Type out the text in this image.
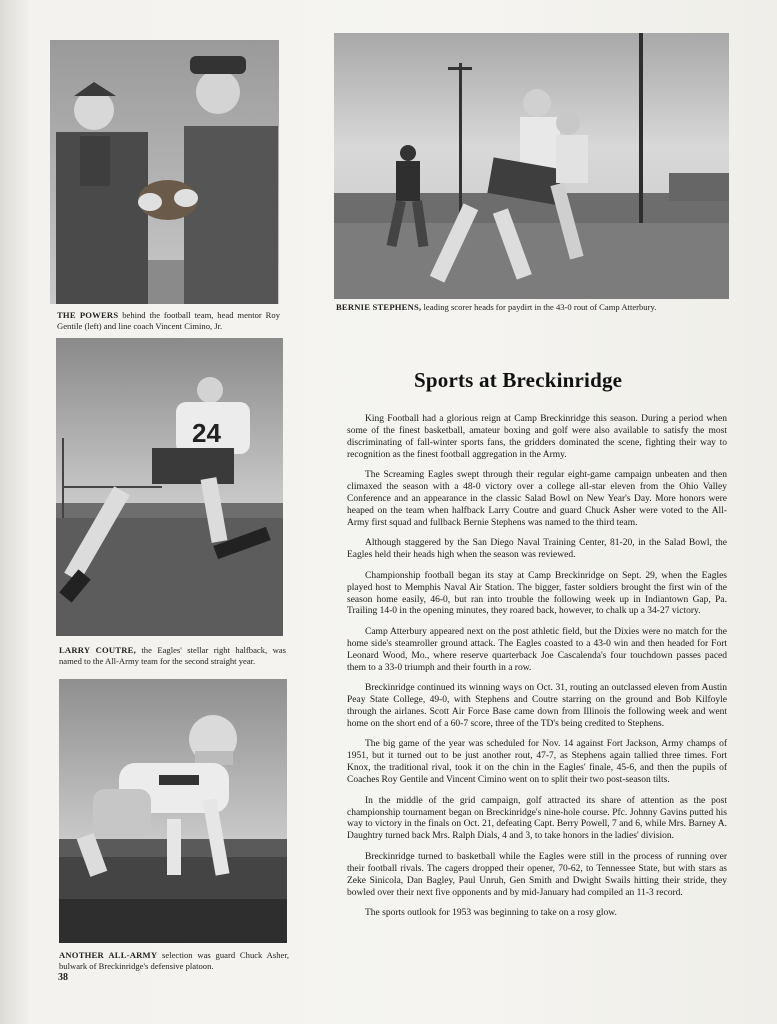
THE POWERS behind the football team, head mentor Roy Gentile (left) and line coach Vincent Cimino, Jr.
BERNIE STEPHENS, leading scorer heads for paydirt in the 43-0 rout of Camp Atterbury.
24
LARRY COUTRE, the Eagles' stellar right halfback, was named to the All-Army team for the second straight year.
ANOTHER ALL-ARMY selection was guard Chuck Asher, bulwark of Breckinridge's defensive platoon.
Sports at Breckinridge

King Football had a glorious reign at Camp Breckinridge this season. During a period when some of the finest basketball, amateur boxing and golf were also available to satisfy the most discriminating of fall-winter sports fans, the gridders dominated the scene, fighting their way to recognition as the finest football aggregation in the Army.

The Screaming Eagles swept through their regular eight-game campaign unbeaten and then climaxed the season with a 48-0 victory over a college all-star eleven from the Ohio Valley Conference and an appearance in the classic Salad Bowl on New Year's Day. More honors were heaped on the team when halfback Larry Coutre and guard Chuck Asher were voted to the All-Army first squad and fullback Bernie Stephens was named to the third team.

Although staggered by the San Diego Naval Training Center, 81-20, in the Salad Bowl, the Eagles held their heads high when the season was reviewed.

Championship football began its stay at Camp Breckinridge on Sept. 29, when the Eagles played host to Memphis Naval Air Station. The bigger, faster soldiers brought the first win of the season home easily, 46-0, but ran into trouble the following week up in Indiantown Gap, Pa. Trailing 14-0 in the opening minutes, they roared back, however, to chalk up a 34-27 victory.

Camp Atterbury appeared next on the post athletic field, but the Dixies were no match for the home side's steamroller ground attack. The Eagles coasted to a 43-0 win and then headed for Fort Leonard Wood, Mo., where reserve quarterback Joe Cascalenda's four touchdown passes paced them to a 33-0 triumph and their fourth in a row.

Breckinridge continued its winning ways on Oct. 31, routing an outclassed eleven from Austin Peay State College, 49-0, with Stephens and Coutre starring on the ground and Bob Kilfoyle through the airlanes. Scott Air Force Base came down from Illinois the following week and went home on the short end of a 60-7 score, three of the TD's being credited to Stephens.

The big game of the year was scheduled for Nov. 14 against Fort Jackson, Army champs of 1951, but it turned out to be just another rout, 47-7, as Stephens again tallied three times. Fort Knox, the traditional rival, took it on the chin in the Eagles' finale, 45-6, and then the pupils of Coaches Roy Gentile and Vincent Cimino went on to split their two post-season tilts.

In the middle of the grid campaign, golf attracted its share of attention as the post championship tournament began on Breckinridge's nine-hole course. Pfc. Johnny Gavins putted his way to victory in the finals on Oct. 21, defeating Capt. Berry Powell, 7 and 6, while Mrs. Barney A. Daughtry turned back Mrs. Ralph Dials, 4 and 3, to take honors in the ladies' division.

Breckinridge turned to basketball while the Eagles were still in the process of running over their football rivals. The cagers dropped their opener, 70-62, to Tennessee State, but with stars as Zeke Sinicola, Dan Bagley, Paul Unruh, Gen Smith and Dwight Swails hitting their stride, they bowled over their next five opponents and by mid-January had compiled an 11-3 record.

The sports outlook for 1953 was beginning to take on a rosy glow.

38
